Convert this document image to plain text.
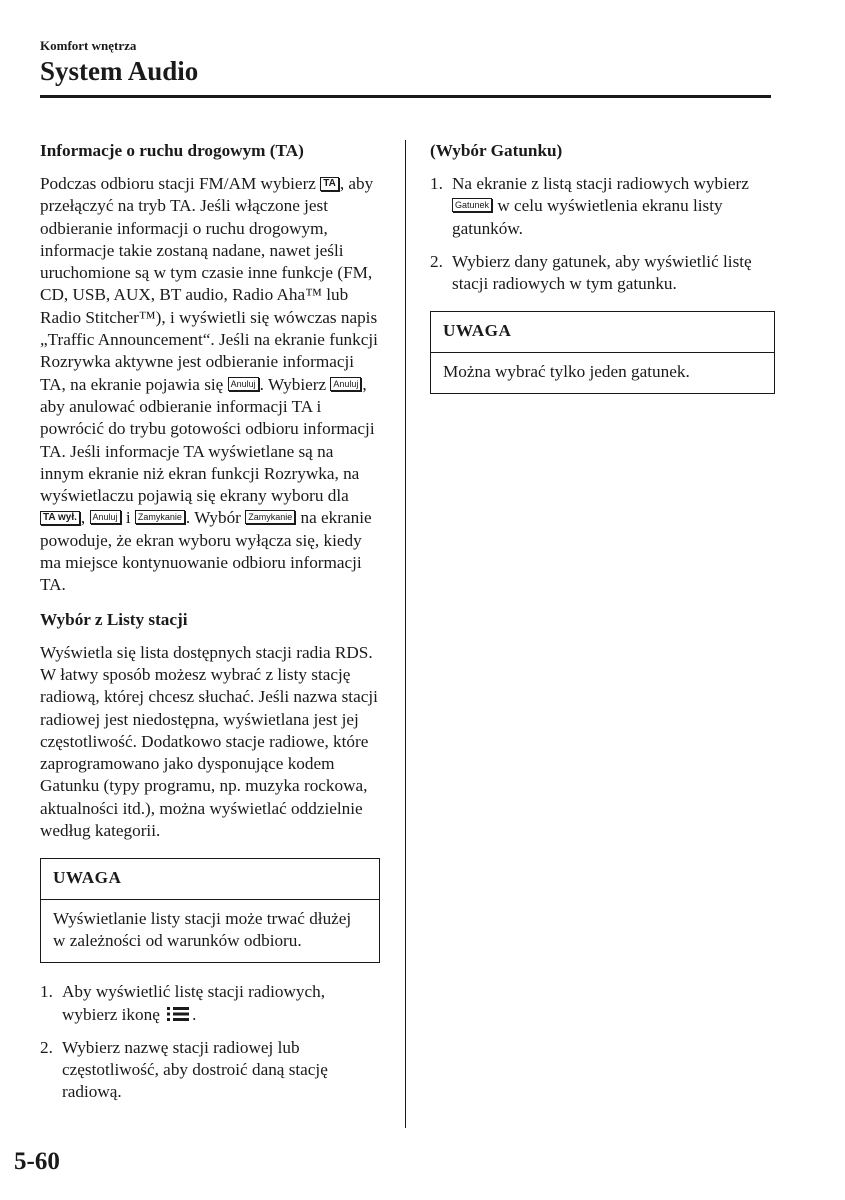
Komfort wnętrza
System Audio
Informacje o ruchu drogowym (TA)

Podczas odbioru stacji FM/AM wybierz TA , aby przełączyć na tryb TA. Jeśli włączone jest odbieranie informacji o ruchu drogowym, informacje takie zostaną nadane, nawet jeśli uruchomione są w tym czasie inne funkcje (FM, CD, USB, AUX, BT audio, Radio Aha™ lub Radio Stitcher™), i wyświetli się wówczas napis „Traffic Announcement“. Jeśli na ekranie funkcji Rozrywka aktywne jest odbieranie informacji TA, na ekranie pojawia się Anuluj . Wybierz Anuluj , aby anulować odbieranie informacji TA i powrócić do trybu gotowości odbioru informacji TA. Jeśli informacje TA wyświetlane są na innym ekranie niż ekran funkcji Rozrywka, na wyświetlaczu pojawią się ekrany wyboru dla TA wył. , Anuluj i Zamykanie . Wybór Zamykanie na ekranie powoduje, że ekran wyboru wyłącza się, kiedy ma miejsce kontynuowanie odbioru informacji TA.

Wybór z Listy stacji

Wyświetla się lista dostępnych stacji radia RDS. W łatwy sposób możesz wybrać z listy stację radiową, której chcesz słuchać. Jeśli nazwa stacji radiowej jest niedostępna, wyświetlana jest jej częstotliwość. Dodatkowo stacje radiowe, które zaprogramowano jako dysponujące kodem Gatunku (typy programu, np. muzyka rockowa, aktualności itd.), można wyświetlać oddzielnie według kategorii.

UWAGA
Wyświetlanie listy stacji może trwać dłużej w zależności od warunków odbioru.
1. Aby wyświetlić listę stacji radiowych, wybierz ikonę .
2. Wybierz nazwę stacji radiowej lub częstotliwość, aby dostroić daną stację radiową.
(Wybór Gatunku)
1. Na ekranie z listą stacji radiowych wybierz Gatunek w celu wyświetlenia ekranu listy gatunków.
2. Wybierz dany gatunek, aby wyświetlić listę stacji radiowych w tym gatunku.
UWAGA
Można wybrać tylko jeden gatunek.
5-60
